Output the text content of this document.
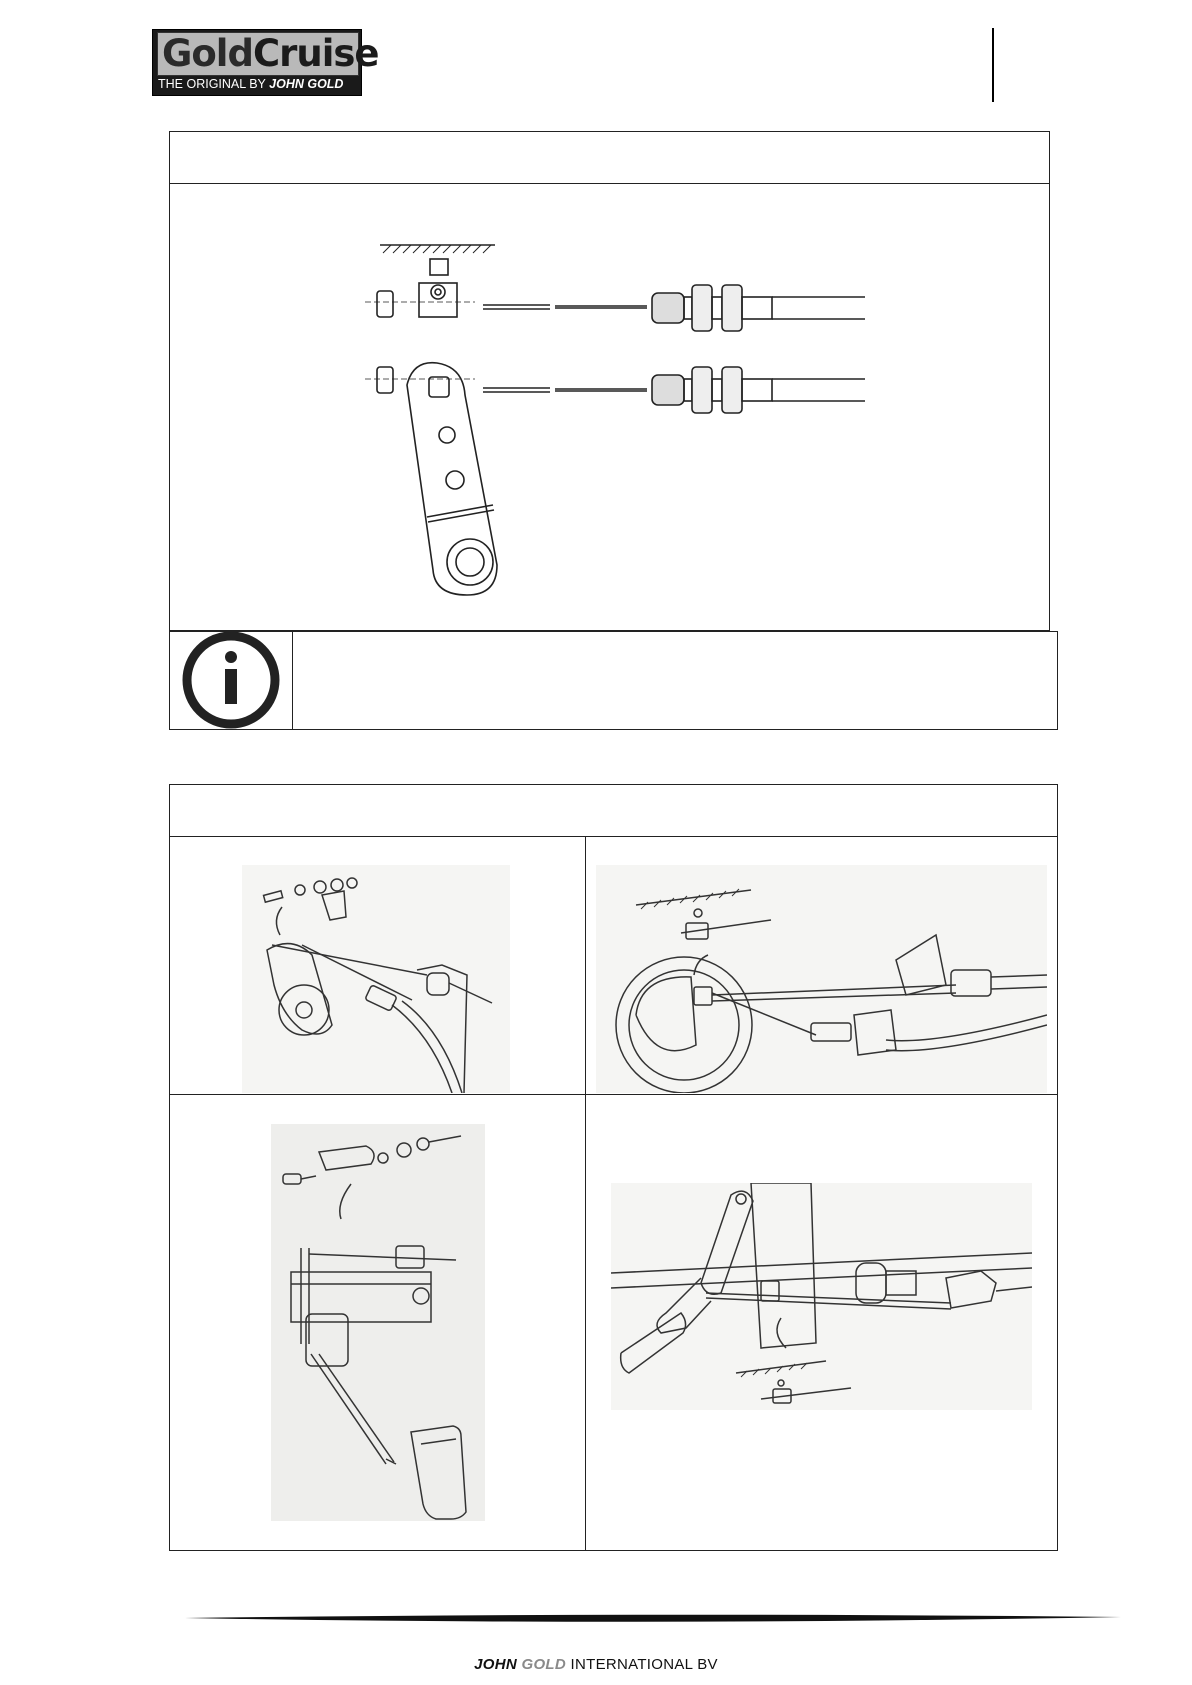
GoldCruise
THE ORIGINAL BY JOHN GOLD
JOHN GOLD INTERNATIONAL BV
